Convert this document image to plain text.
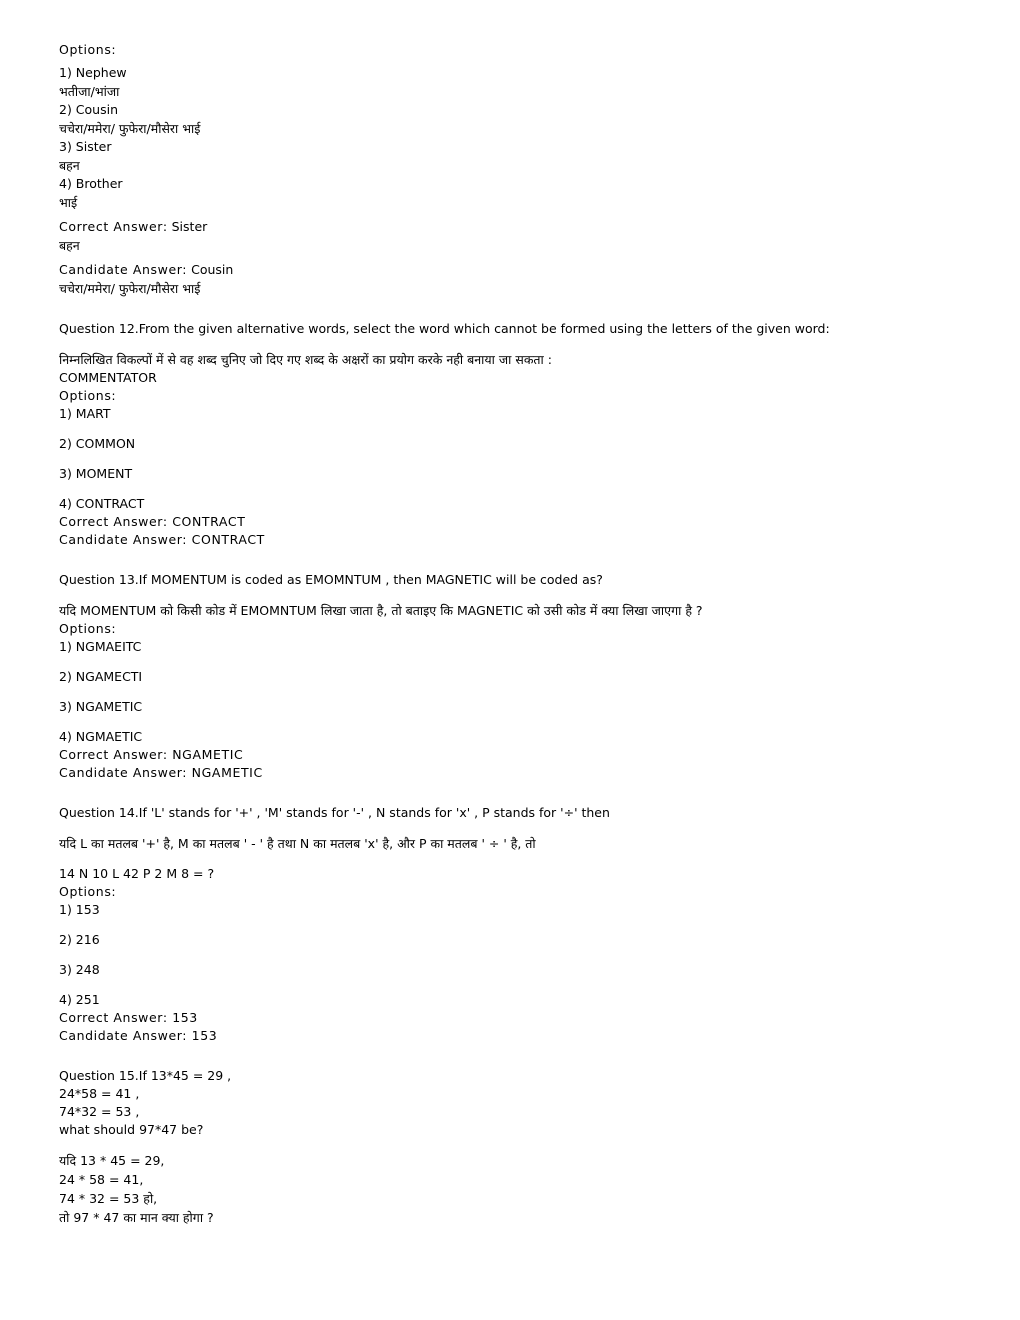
Options:
1) Nephew
भतीजा/भांजा
2) Cousin
चचेरा/ममेरा/ फुफेरा/मौसेरा भाई
3) Sister
बहन
4) Brother
भाई
Correct Answer: Sister
बहन
Candidate Answer: Cousin
चचेरा/ममेरा/ फुफेरा/मौसेरा भाई
Question 12.From the given alternative words, select the word which cannot be formed using the letters of the given word:
निम्नलिखित विकल्पों में से वह शब्द चुनिए जो दिए गए शब्द के अक्षरों का प्रयोग करके नही बनाया जा सकता :
COMMENTATOR
Options:
1) MART
2) COMMON
3) MOMENT
4) CONTRACT
Correct Answer: CONTRACT
Candidate Answer: CONTRACT
Question 13.If MOMENTUM is coded as EMOMNTUM , then MAGNETIC will be coded as?
यदि MOMENTUM को किसी कोड में EMOMNTUM लिखा जाता है, तो बताइए कि MAGNETIC को उसी कोड में क्या लिखा जाएगा है ?
Options:
1) NGMAEITC
2) NGAMECTI
3) NGAMETIC
4) NGMAETIC
Correct Answer: NGAMETIC
Candidate Answer: NGAMETIC
Question 14.If 'L' stands for '+' , 'M' stands for '-' , N stands for 'x' , P stands for '÷' then
यदि L का मतलब '+' है, M का मतलब ' - ' है तथा N का मतलब 'x' है, और P का मतलब ' ÷ ' है, तो
14 N 10 L 42 P 2 M 8 = ?
Options:
1) 153
2) 216
3) 248
4) 251
Correct Answer: 153
Candidate Answer: 153
Question 15.If 13*45 = 29 ,
24*58 = 41 ,
74*32 = 53 ,
what should 97*47 be?
यदि 13 * 45 = 29,
24 * 58 = 41,
74 * 32 = 53 हो,
तो 97 * 47 का मान क्या होगा ?
